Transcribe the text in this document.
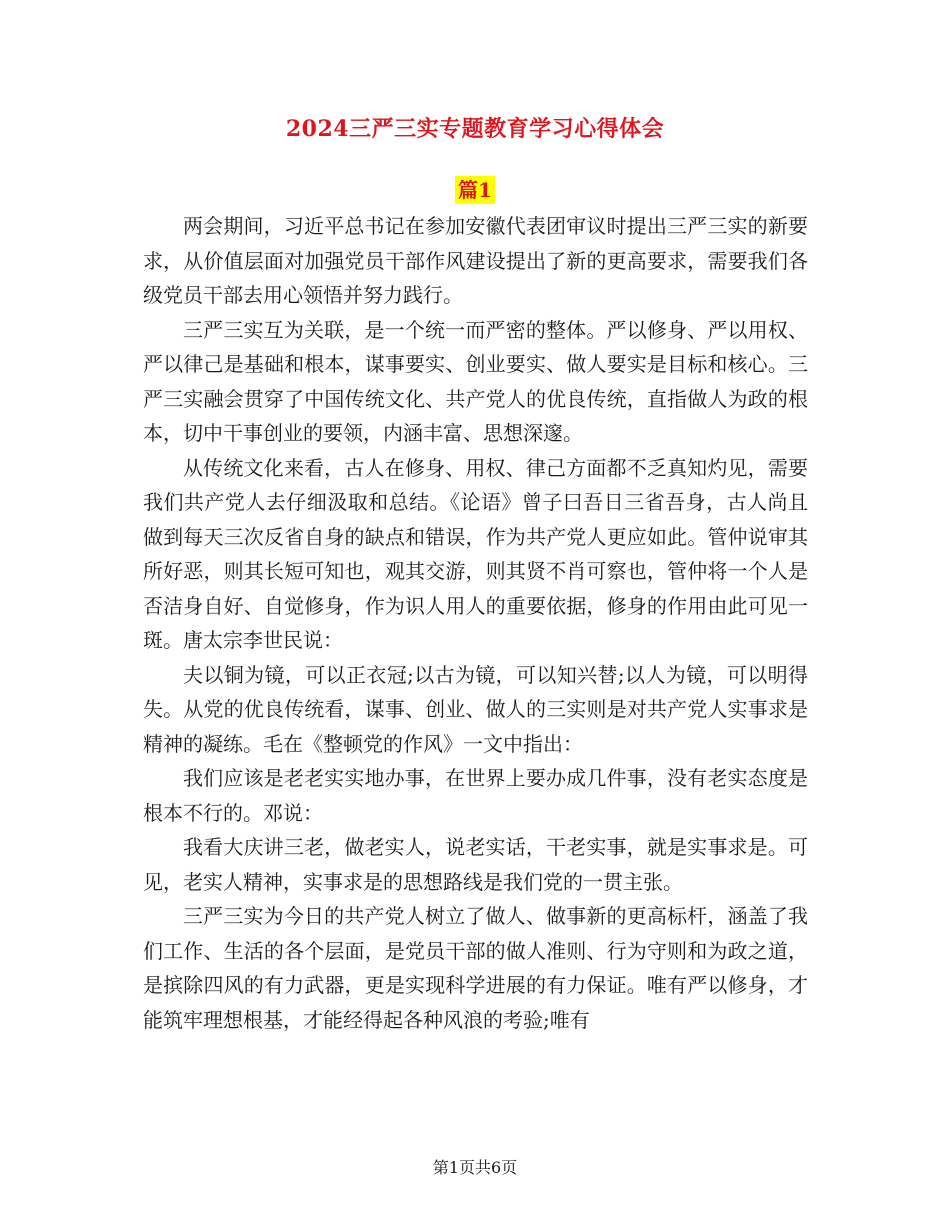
2024三严三实专题教育学习心得体会
篇1

两会期间，习近平总书记在参加安徽代表团审议时提出三严三实的新要求，从价值层面对加强党员干部作风建设提出了新的更高要求，需要我们各级党员干部去用心领悟并努力践行。

三严三实互为关联，是一个统一而严密的整体。严以修身、严以用权、严以律己是基础和根本，谋事要实、创业要实、做人要实是目标和核心。三严三实融会贯穿了中国传统文化、共产党人的优良传统，直指做人为政的根本，切中干事创业的要领，内涵丰富、思想深邃。

从传统文化来看，古人在修身、用权、律己方面都不乏真知灼见，需要我们共产党人去仔细汲取和总结。《论语》曾子曰吾日三省吾身，古人尚且做到每天三次反省自身的缺点和错误，作为共产党人更应如此。管仲说审其所好恶，则其长短可知也，观其交游，则其贤不肖可察也，管仲将一个人是否洁身自好、自觉修身，作为识人用人的重要依据，修身的作用由此可见一斑。唐太宗李世民说：

夫以铜为镜，可以正衣冠;以古为镜，可以知兴替;以人为镜，可以明得失。从党的优良传统看，谋事、创业、做人的三实则是对共产党人实事求是精神的凝练。毛在《整顿党的作风》一文中指出：

我们应该是老老实实地办事，在世界上要办成几件事，没有老实态度是根本不行的。邓说：

我看大庆讲三老，做老实人，说老实话，干老实事，就是实事求是。可见，老实人精神，实事求是的思想路线是我们党的一贯主张。

三严三实为今日的共产党人树立了做人、做事新的更高标杆，涵盖了我们工作、生活的各个层面，是党员干部的做人准则、行为守则和为政之道，是摈除四风的有力武器，更是实现科学进展的有力保证。唯有严以修身，才能筑牢理想根基，才能经得起各种风浪的考验;唯有

第1页共6页
